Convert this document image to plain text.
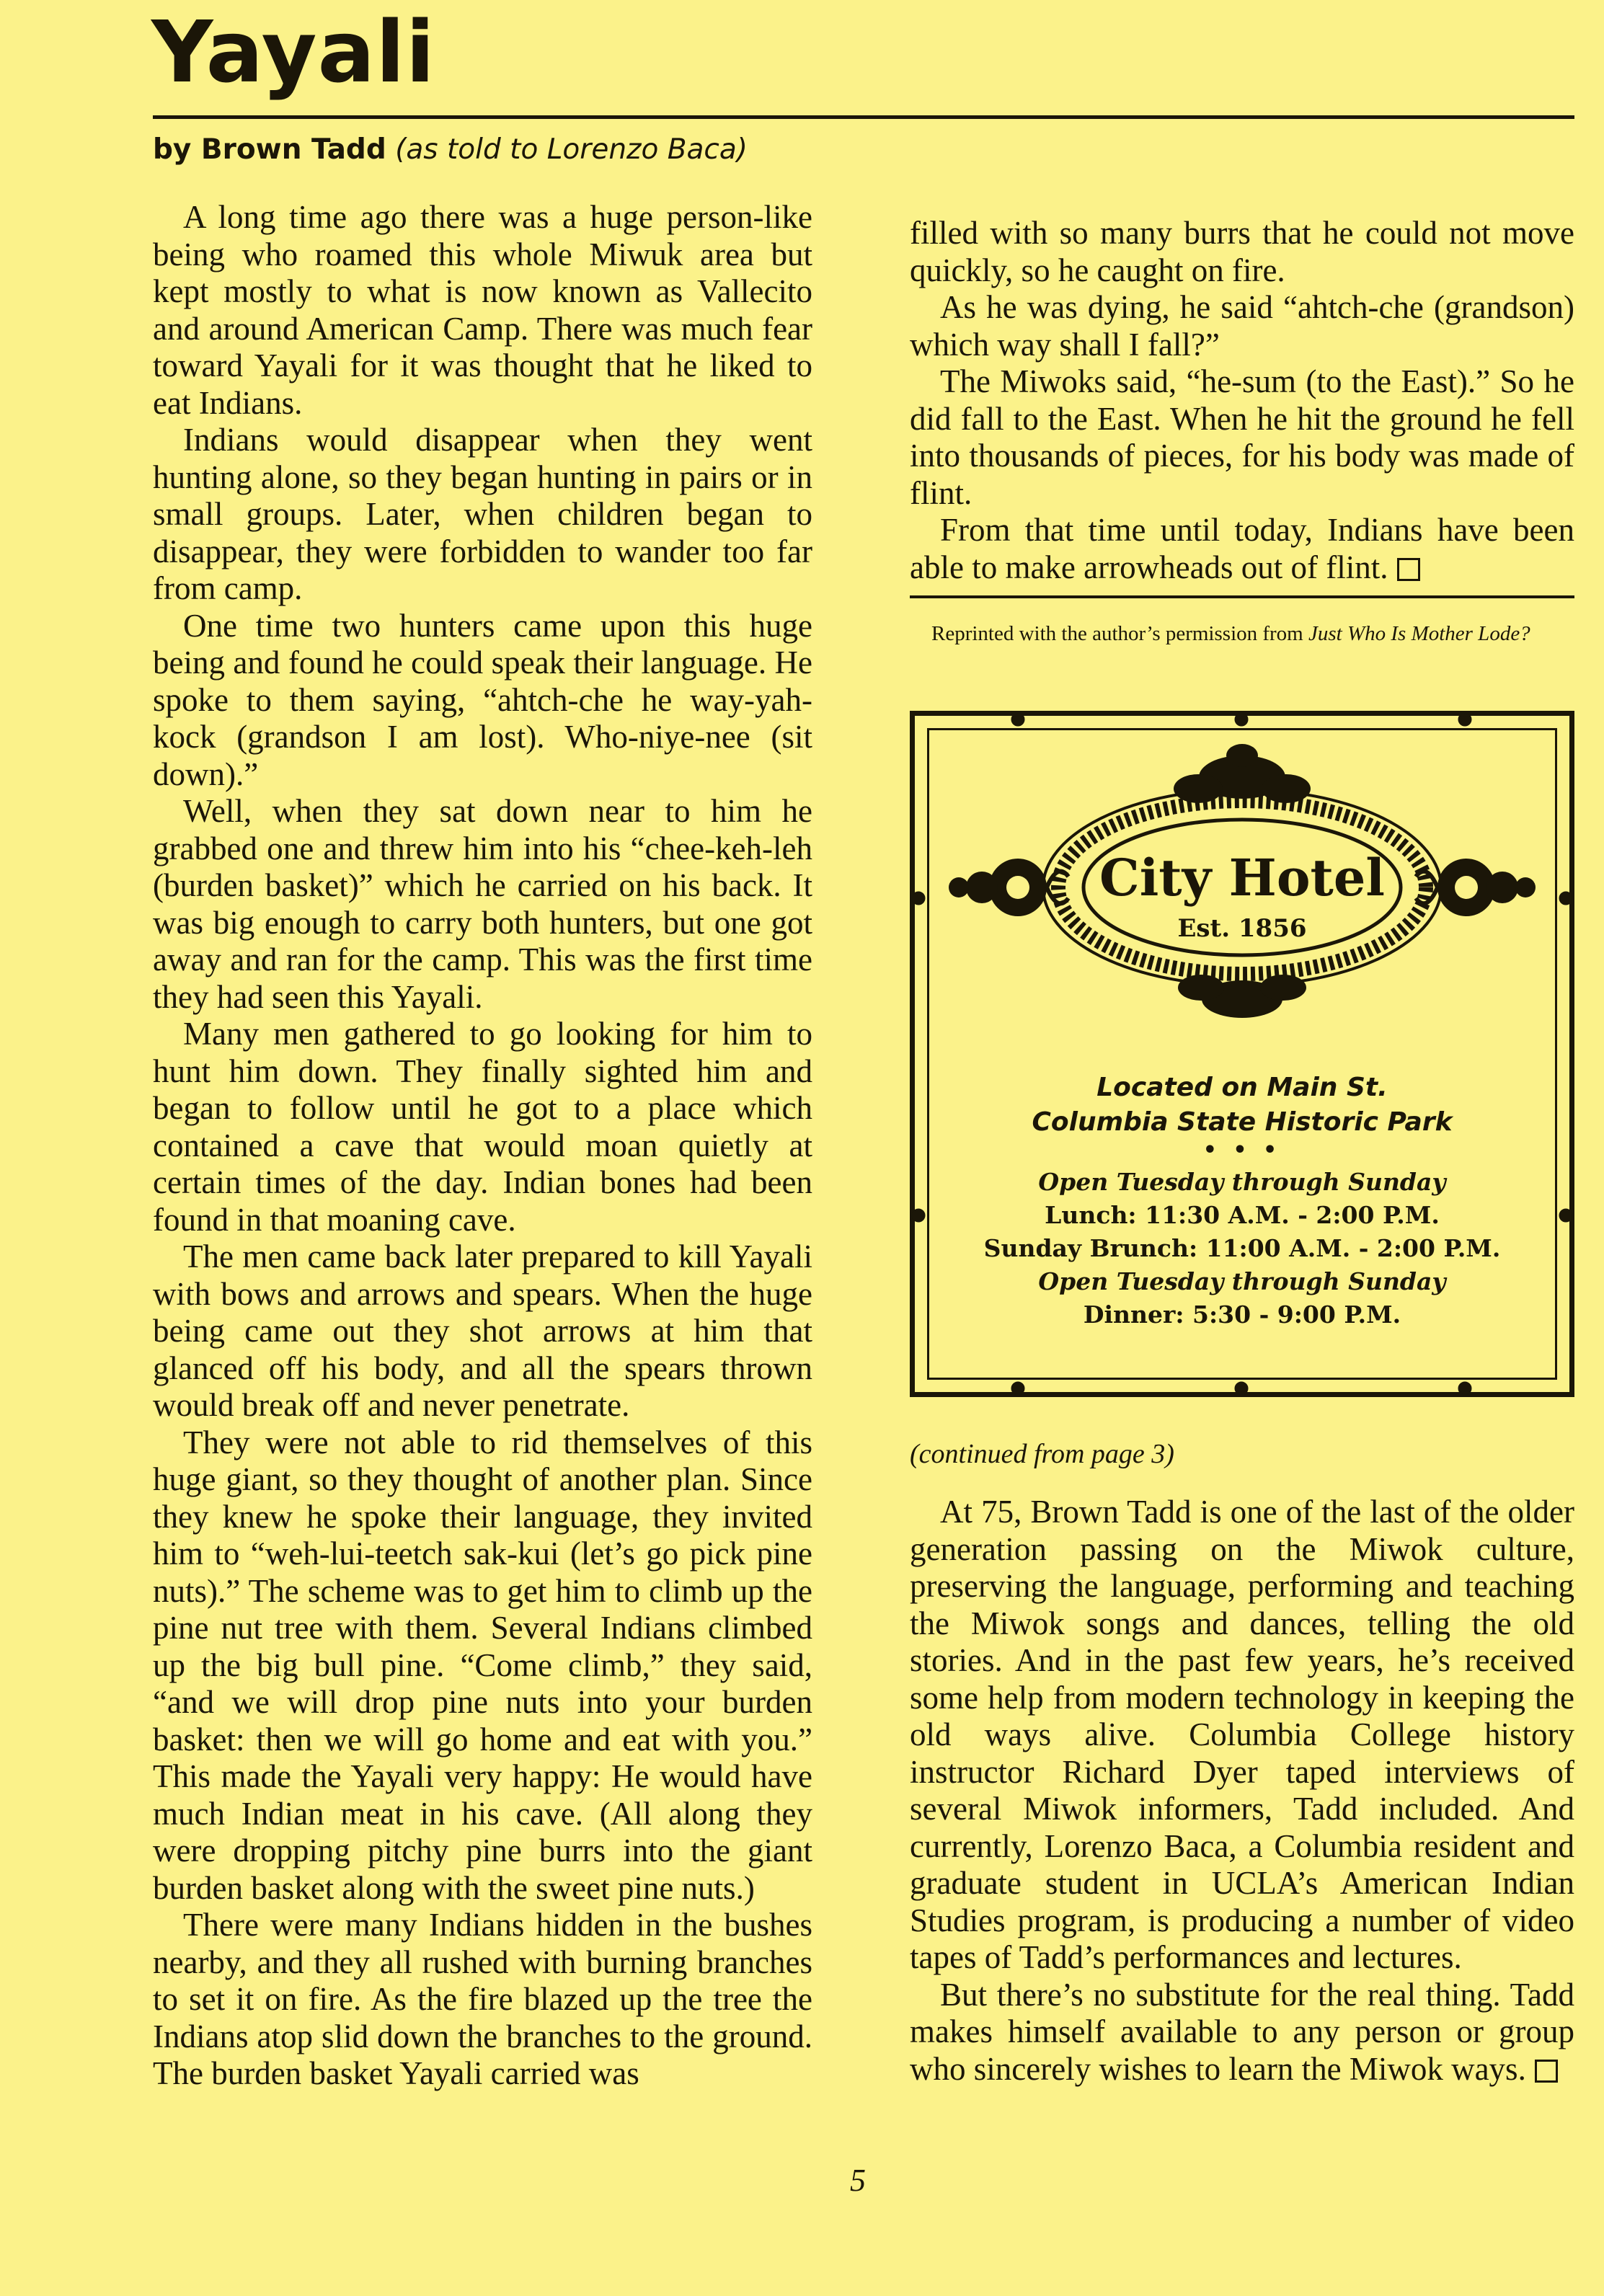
Yayali
by Brown Tadd (as told to Lorenzo Baca)

A long time ago there was a huge person-like being who roamed this whole Miwuk area but kept mostly to what is now known as Vallecito and around American Camp. There was much fear toward Yayali for it was thought that he liked to eat Indians.

Indians would disappear when they went hunting alone, so they began hunting in pairs or in small groups. Later, when children began to disappear, they were forbidden to wander too far from camp.

One time two hunters came upon this huge being and found he could speak their language. He spoke to them saying, “ahtch-che he way-yah-kock (grandson I am lost). Who-niye-nee (sit down).”

Well, when they sat down near to him he grabbed one and threw him into his “chee-keh-leh (burden basket)” which he carried on his back. It was big enough to carry both hunters, but one got away and ran for the camp. This was the first time they had seen this Yayali.

Many men gathered to go looking for him to hunt him down. They finally sighted him and began to follow until he got to a place which contained a cave that would moan quietly at certain times of the day. Indian bones had been found in that moaning cave.

The men came back later prepared to kill Yayali with bows and arrows and spears. When the huge being came out they shot arrows at him that glanced off his body, and all the spears thrown would break off and never penetrate.

They were not able to rid themselves of this huge giant, so they thought of another plan. Since they knew he spoke their language, they invited him to “weh-lui-teetch sak-kui (let’s go pick pine nuts).” The scheme was to get him to climb up the pine nut tree with them. Several Indians climbed up the big bull pine. “Come climb,” they said, “and we will drop pine nuts into your burden basket: then we will go home and eat with you.” This made the Yayali very happy: He would have much Indian meat in his cave. (All along they were dropping pitchy pine burrs into the giant burden basket along with the sweet pine nuts.)

There were many Indians hidden in the bushes nearby, and they all rushed with burning branches to set it on fire. As the fire blazed up the tree the Indians atop slid down the branches to the ground. The burden basket Yayali carried was

filled with so many burrs that he could not move quickly, so he caught on fire.

As he was dying, he said “ahtch-che (grandson) which way shall I fall?”

The Miwoks said, “he-sum (to the East).” So he did fall to the East. When he hit the ground he fell into thousands of pieces, for his body was made of flint.

From that time until today, Indians have been able to make arrowheads out of flint.

Reprinted with the author’s permission from Just Who Is Mother Lode?
City Hotel
Est. 1856
Located on Main St.
Columbia State Historic Park
• • •
Open Tuesday through Sunday
Lunch: 11:30 A.M. - 2:00 P.M.
Sunday Brunch: 11:00 A.M. - 2:00 P.M.
Open Tuesday through Sunday
Dinner: 5:30 - 9:00 P.M.
(continued from page 3)

At 75, Brown Tadd is one of the last of the older generation passing on the Miwok culture, preserving the language, performing and teaching the Miwok songs and dances, telling the old stories. And in the past few years, he’s received some help from modern technology in keeping the old ways alive. Columbia College history instructor Richard Dyer taped interviews of several Miwok informers, Tadd included. And currently, Lorenzo Baca, a Columbia resident and graduate student in UCLA’s American Indian Studies program, is producing a number of video tapes of Tadd’s performances and lectures.

But there’s no substitute for the real thing. Tadd makes himself available to any person or group who sincerely wishes to learn the Miwok ways.

5
